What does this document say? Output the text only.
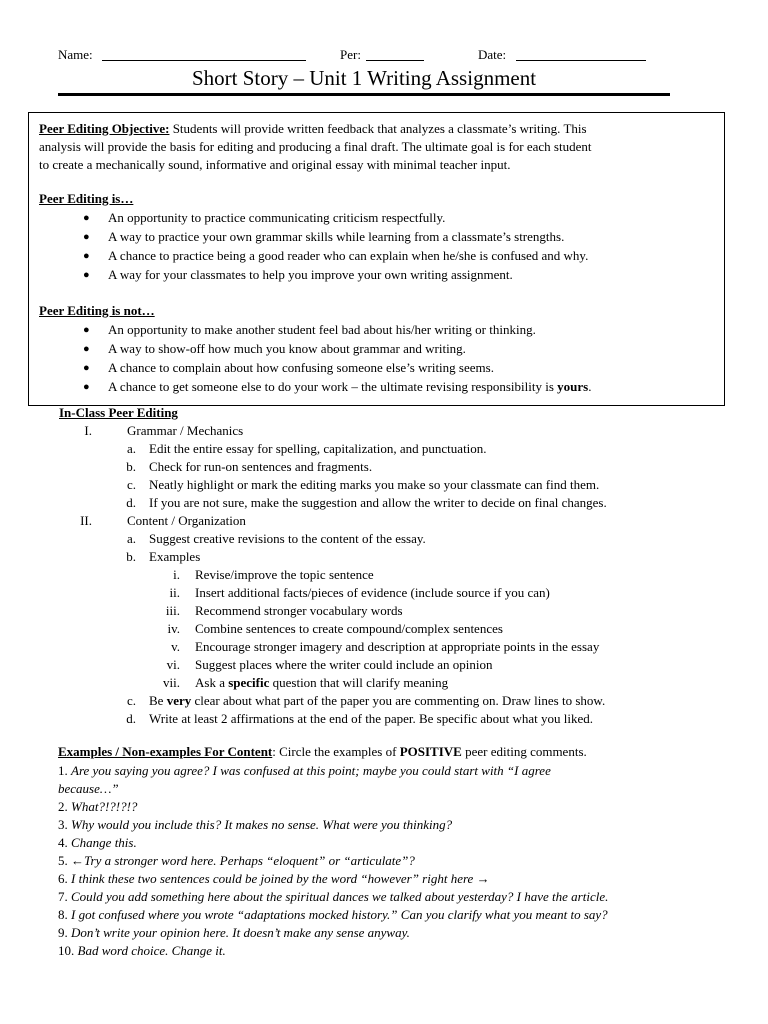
Name:	Per:	Date:
Short Story – Unit 1 Writing Assignment

Peer Editing Objective: Students will provide written feedback that analyzes a classmate’s writing. This
analysis will provide the basis for editing and producing a final draft. The ultimate goal is for each student
to create a mechanically sound, informative and original essay with minimal teacher input.

Peer Editing is…

● An opportunity to practice communicating criticism respectfully.
● A way to practice your own grammar skills while learning from a classmate’s strengths.
● A chance to practice being a good reader who can explain when he/she is confused and why.
● A way for your classmates to help you improve your own writing assignment.

Peer Editing is not…

● An opportunity to make another student feel bad about his/her writing or thinking.
● A way to show-off how much you know about grammar and writing.
● A chance to complain about how confusing someone else’s writing seems.
● A chance to get someone else to do your work – the ultimate revising responsibility is yours.
In-Class Peer Editing
I.	Grammar / Mechanics
a. Edit the entire essay for spelling, capitalization, and punctuation.
b. Check for run-on sentences and fragments.
c. Neatly highlight or mark the editing marks you make so your classmate can find them.
d. If you are not sure, make the suggestion and allow the writer to decide on final changes.
II.	Content / Organization
a. Suggest creative revisions to the content of the essay.
b. Examples
i. Revise/improve the topic sentence
ii. Insert additional facts/pieces of evidence (include source if you can)
iii. Recommend stronger vocabulary words
iv. Combine sentences to create compound/complex sentences
v. Encourage stronger imagery and description at appropriate points in the essay
vi. Suggest places where the writer could include an opinion
vii. Ask a specific question that will clarify meaning
c. Be very clear about what part of the paper you are commenting on. Draw lines to show.
d. Write at least 2 affirmations at the end of the paper. Be specific about what you liked.
Examples / Non-examples For Content: Circle the examples of POSITIVE peer editing comments.
1. Are you saying you agree? I was confused at this point; maybe you could start with “I agree
because…”
2. What?!?!?!?
3. Why would you include this? It makes no sense. What were you thinking?
4. Change this.
5. ←Try a stronger word here. Perhaps “eloquent” or “articulate”?
6. I think these two sentences could be joined by the word “however” right here →
7. Could you add something here about the spiritual dances we talked about yesterday? I have the article.
8. I got confused where you wrote “adaptations mocked history.” Can you clarify what you meant to say?
9. Don’t write your opinion here. It doesn’t make any sense anyway.
10. Bad word choice. Change it.
